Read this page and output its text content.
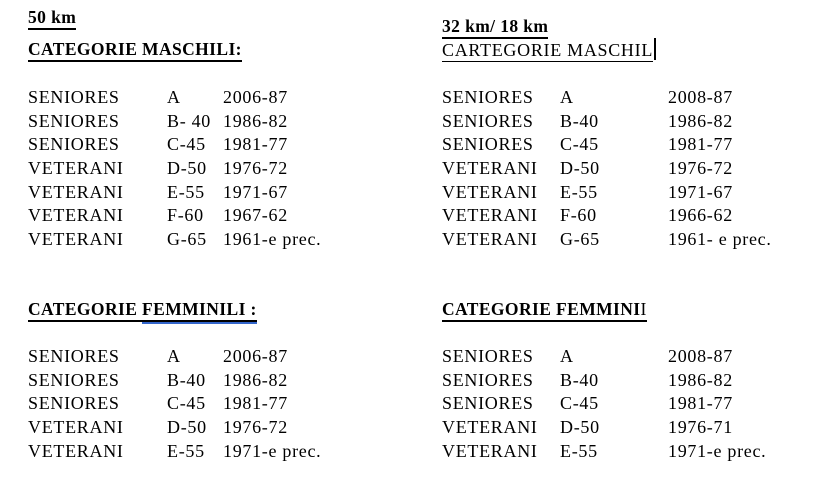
50 km
CATEGORIE MASCHILI:
SENIORES	A	2006-87
SENIORES	B- 40 1986-82
SENIORES	C-45 1981-77
VETERANI	D-50 1976-72
VETERANI	E-55	1971-67
VETERANI	F-60	1967-62
VETERANI	G-65 1961-e prec.
CATEGORIE FEMMINILI :
SENIORES	A	2006-87
SENIORES	B-40 1986-82
SENIORES	C-45 1981-77
VETERANI	D-50 1976-72
VETERANI	E-55	1971-e prec.
32 km/ 18 km
CARTEGORIE MASCHIL
SENIORES	A	2008-87
SENIORES	B-40	1986-82
SENIORES	C-45	1981-77
VETERANI	D-50	1976-72
VETERANI	E-55	1971-67
VETERANI	F-60	1966-62
VETERANI	G-65	1961- e prec.
CATEGORIE FEMMINII
SENIORES	A	2008-87
SENIORES	B-40	1986-82
SENIORES	C-45	1981-77
VETERANI	D-50	1976-71
VETERANI	E-55	1971-e prec.
